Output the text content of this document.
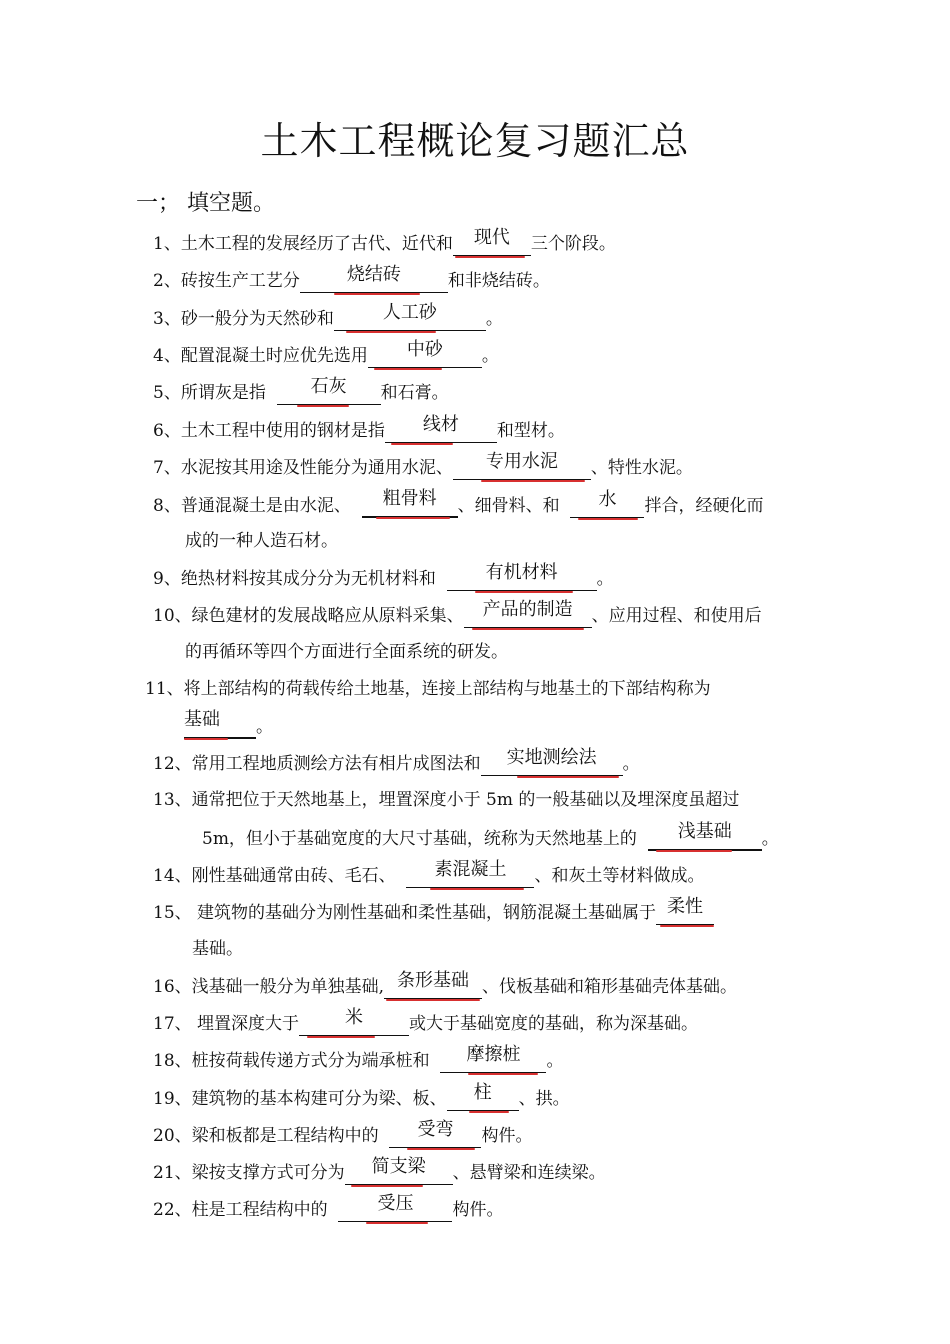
土木工程概论复习题汇总
一； 填空题。
1、土木工程的发展经历了古代、近代和	现代	三个阶段。
2、砖按生产工艺分	烧结砖	和非烧结砖。
3、砂一般分为天然砂和	人工砂	。
4、配置混凝土时应优先选用	中砂	。
5、所谓灰是指	石灰	和石膏。
6、土木工程中使用的钢材是指	线材	和型材。
7、水泥按其用途及性能分为通用水泥、	专用水泥	、特性水泥。
8、普通混凝土是由水泥、	粗骨料	、细骨料、和	水	拌合，经硬化而
成的一种人造石材。
9、绝热材料按其成分分为无机材料和	有机材料	。
10、绿色建材的发展战略应从原料采集、	产品的制造	、应用过程、和使用后
的再循环等四个方面进行全面系统的研发。
11、将上部结构的荷载传给土地基，连接上部结构与地基土的下部结构称为
基础	。
12、常用工程地质测绘方法有相片成图法和	实地测绘法	。
13、通常把位于天然地基上，埋置深度小于 5m 的一般基础以及埋深度虽超过
5m，但小于基础宽度的大尺寸基础，统称为天然地基上的	浅基础	。
14、刚性基础通常由砖、毛石、	素混凝土	、和灰土等材料做成。
15、 建筑物的基础分为刚性基础和柔性基础，钢筋混凝土基础属于 柔性
基础。
16、浅基础一般分为单独基础, 条形基础 、伐板基础和箱形基础壳体基础。
17、 埋置深度大于	米	或大于基础宽度的基础，称为深基础。
18、桩按荷载传递方式分为端承桩和	摩擦桩	。
19、建筑物的基本构建可分为梁、板、	柱	、拱。
20、梁和板都是工程结构中的	受弯	构件。
21、梁按支撑方式可分为	简支梁	、悬臂梁和连续梁。
22、柱是工程结构中的	受压	构件。
